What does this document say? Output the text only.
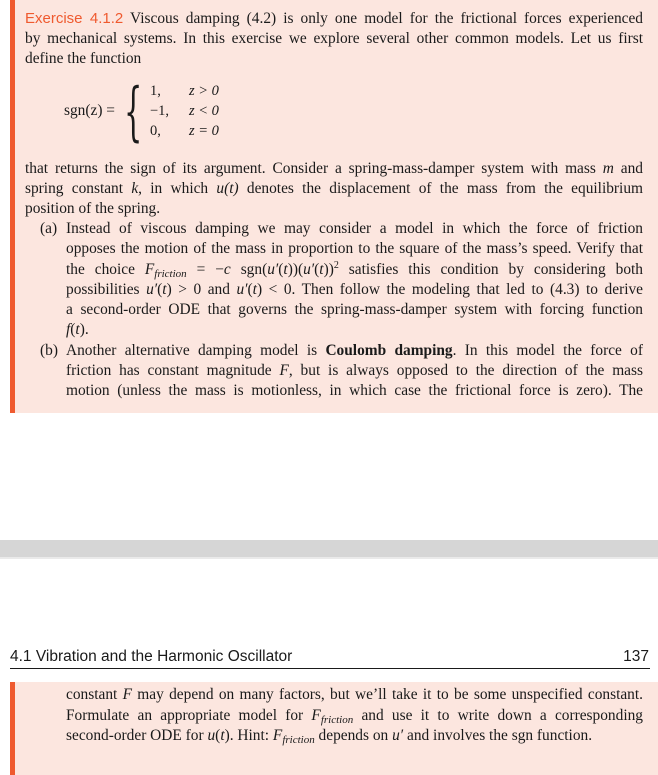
Exercise 4.1.2 Viscous damping (4.2) is only one model for the frictional forces experienced
by mechanical systems. In this exercise we explore several other common models. Let us first
define the function
sgn(z) = { 1, z > 0
−1, z < 0
0, z = 0
that returns the sign of its argument. Consider a spring-mass-damper system with mass m and
spring constant k, in which u(t) denotes the displacement of the mass from the equilibrium
position of the spring.
(a) Instead of viscous damping we may consider a model in which the force of friction
opposes the motion of the mass in proportion to the square of the mass’s speed. Verify that
the choice $F_{friction} = -c$ $sgn(u'(t))(u'(t))^2$ satisfies this condition by considering both
possibilities u′(t) > 0 and u′(t) < 0. Then follow the modeling that led to (4.3) to derive
a second-order ODE that governs the spring-mass-damper system with forcing function
f(t).
(b) Another alternative damping model is Coulomb damping. In this model the force of
friction has constant magnitude F, but is always opposed to the direction of the mass
motion (unless the mass is motionless, in which case the frictional force is zero). The
4.1 Vibration and the Harmonic Oscillator	137
constant F may depend on many factors, but we’ll take it to be some unspecified constant.
Formulate an appropriate model for $F_{friction}$ and use it to write down a corresponding
second-order ODE for u(t). Hint: $F_{friction}$ depends on u′ and involves the sgn function.
